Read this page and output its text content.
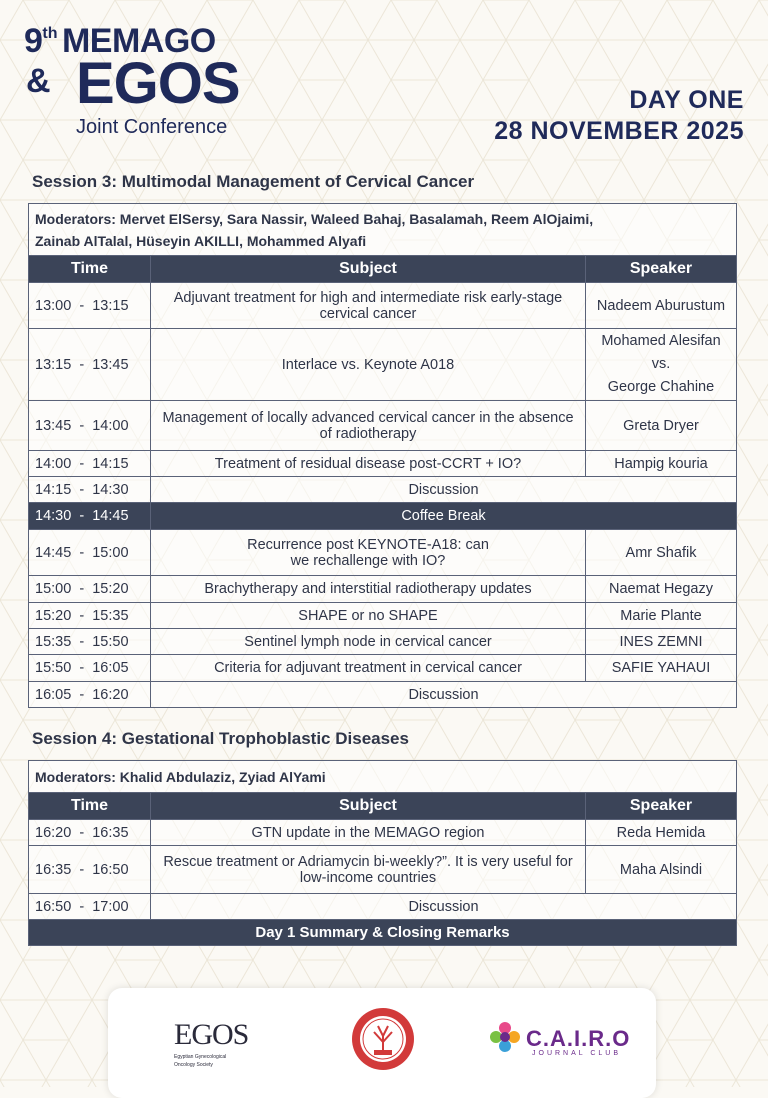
9th MEMAGO
& EGOS
Joint Conference
DAY ONE
28 NOVEMBER 2025
Session 3: Multimodal Management of Cervical Cancer
Moderators: Mervet ElSersy, Sara Nassir, Waleed Bahaj, Basalamah, Reem AlOjaimi,
Zainab AlTalal, Hüseyin AKILLI, Mohammed Alyafi		

Time	Subject	Speaker
13:00  -  13:15	Adjuvant treatment for high and intermediate risk early-stage cervical cancer	Nadeem Aburustum
13:15  -  13:45	Interlace vs. Keynote A018	Mohamed Alesifan
vs.
George Chahine

13:45  -  14:00	Management of locally advanced cervical cancer in the absence of radiotherapy	Greta Dryer
14:00  -  14:15	Treatment of residual disease post-CCRT + IO?	Hampig kouria
14:15  -  14:30	Discussion	
14:30  -  14:45	Coffee Break	
14:45  -  15:00	Recurrence post KEYNOTE-A18: can we rechallenge with IO?	Amr Shafik
15:00  -  15:20	Brachytherapy and interstitial radiotherapy updates	Naemat Hegazy
15:20  -  15:35	SHAPE or no SHAPE	Marie Plante
15:35  -  15:50	Sentinel lymph node in cervical cancer	INES ZEMNI
15:50  -  16:05	Criteria for adjuvant treatment in cervical cancer	SAFIE YAHAUI
16:05  -  16:20	Discussion	
Session 4: Gestational Trophoblastic Diseases
Moderators: Khalid Abdulaziz, Zyiad AlYami		
Time	Subject	Speaker
16:20  -  16:35	GTN update in the MEMAGO region	Reda Hemida
16:35  -  16:50	Rescue treatment or Adriamycin bi-weekly?”. It is very useful for low-income countries	Maha Alsindi
16:50  -  17:00	Discussion	
Day 1 Summary & Closing Remarks		
EGOS
Egyptian Gynecological
Oncology Society
C.A.I.R.O
JOURNAL CLUB
